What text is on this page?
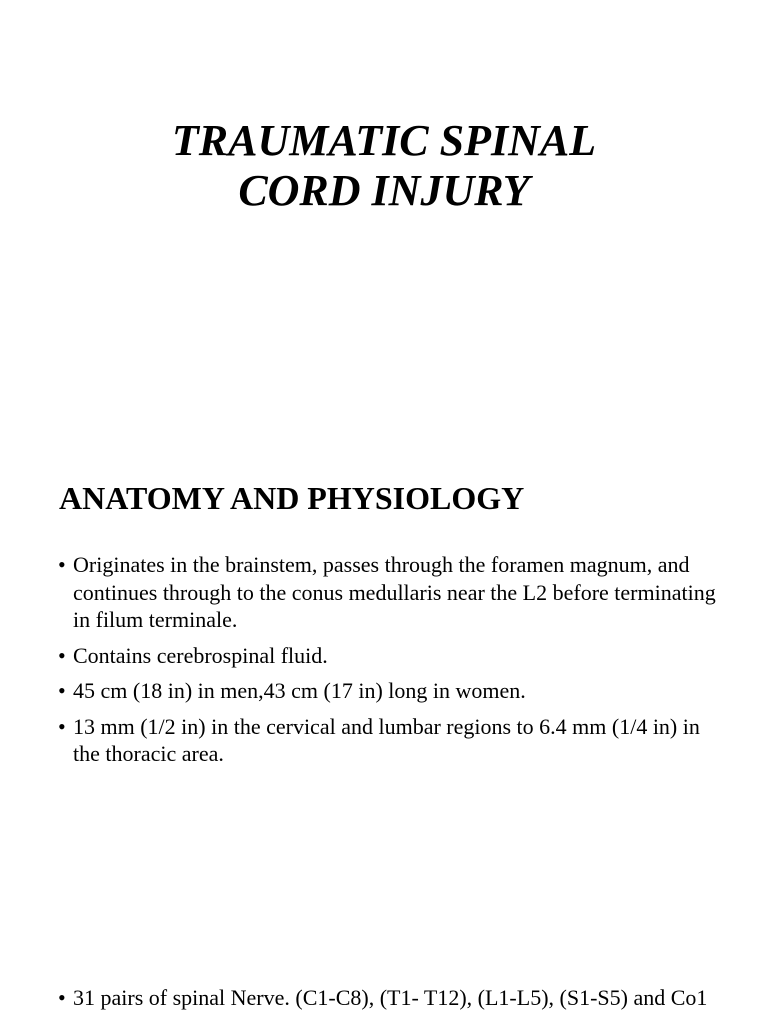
TRAUMATIC SPINAL
CORD INJURY
ANATOMY AND PHYSIOLOGY
• Originates in the brainstem, passes through the foramen magnum, and continues through to the conus medullaris near the L2 before terminating in filum terminale.
• Contains cerebrospinal fluid.
• 45 cm (18 in) in men,43 cm (17 in) long in women.
• 13 mm (1/2 in) in the cervical and lumbar regions to 6.4 mm (1/4 in) in the thoracic area.
• 31 pairs of spinal Nerve. (C1-C8), (T1- T12), (L1-L5), (S1-S5) and Co1
